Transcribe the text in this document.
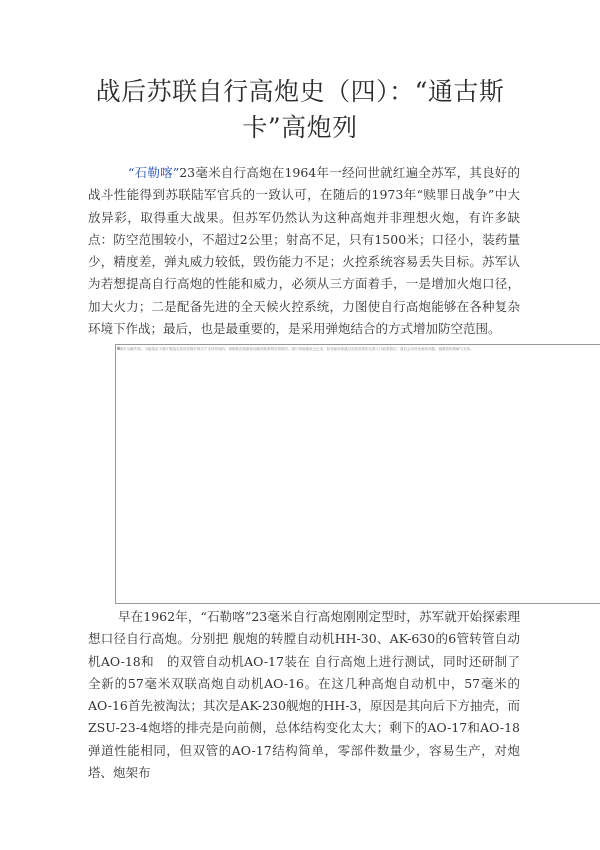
战后苏联自行高炮史（四）：“通古斯
卡”高炮列

“石勒喀”23毫米自行高炮在1964年一经问世就红遍全苏军，其良好的战斗性能得到苏联陆军官兵的一致认可，在随后的1973年“赎罪日战争”中大放异彩，取得重大战果。但苏军仍然认为这种高炮并非理想火炮，有许多缺点：防空范围较小，不超过2公里；射高不足，只有1500米；口径小，装药量少，精度差，弹丸威力较低，毁伤能力不足；火控系统容易丢失目标。苏军认为若想提高自行高炮的性能和威力，必须从三方面着手，一是增加火炮口径，加大火力；二是配备先进的全天候火控系统，力图使自行高炮能够在各种复杂环境下作战；最后，也是最重要的，是采用弹炮结合的方式增加防空范围。

图片加载失败，可能是由于图片链接无效或者图片格式不支持导致的，请刷新页面重新加载或联系网站管理员，图片原始地址已记录，如有疑问请通过页面底部的反馈入口联系我们，我们会尽快处理该问题，谢谢您的理解与支持。

早在1962年，“石勒喀”23毫米自行高炮刚刚定型时，苏军就开始探索理想口径自行高炮。分别把 舰炮的转膛自动机HH-30、AK-630的6管转管自动机AO-18和　的双管自动机AO-17装在 自行高炮上进行测试，同时还研制了全新的57毫米双联高炮自动机AO-16。在这几种高炮自动机中，57毫米的AO-16首先被淘汰；其次是AK-230舰炮的HH-3，原因是其向后下方抽壳，而ZSU-23-4炮塔的排壳是向前侧，总体结构变化太大；剩下的AO-17和AO-18弹道性能相同，但双管的AO-17结构简单，零部件数量少，容易生产，对炮塔、炮架布
